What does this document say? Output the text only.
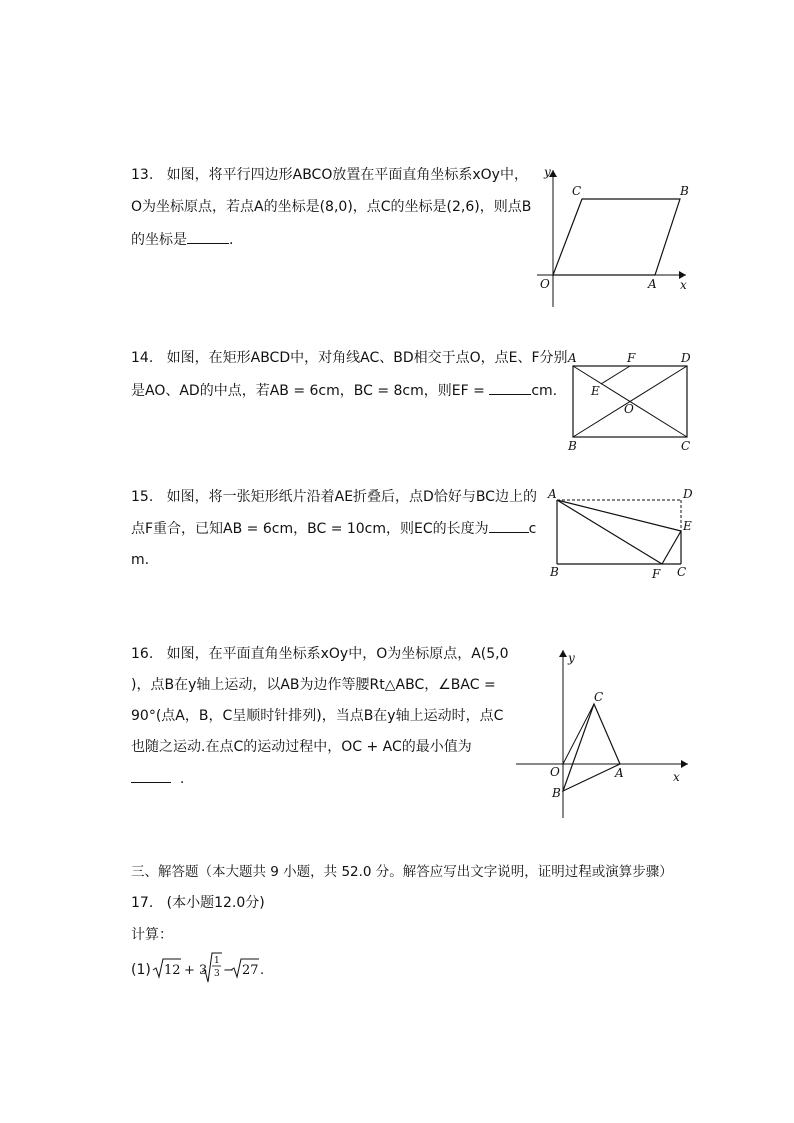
13. 如图，将平行四边形ABCO放置在平面直角坐标系xOy中，
O为坐标原点，若点A的坐标是(8,0)，点C的坐标是(2,6)，则点B
的坐标是	.
y
C	B
O	A x
14. 如图，在矩形ABCD中，对角线AC、BD相交于点O，点E、F分别
是AO、AD的中点，若AB = 6cm，BC = 8cm，则EF =	cm.
A	F	D
E
O
B	C
15. 如图，将一张矩形纸片沿着AE折叠后，点D恰好与BC边上的
点F重合，已知AB = 6cm，BC = 10cm，则EC的长度为	c
m.
A	D
E
B	F C
16. 如图，在平面直角坐标系xOy中，O为坐标原点，A(5,0
)，点B在y轴上运动，以AB为边作等腰Rt△ABC，∠BAC =
90°(点A，B，C呈顺时针排列)，当点B在y轴上运动时，点C
也随之运动.在点C的运动过程中，OC + AC的最小值为
.
y
C
O	A	x
B
三、解答题（本大题共 9 小题，共 52.0 分。解答应写出文字说明，证明过程或演算步骤）
17. (本小题12.0分)
计算：
(1) 12 + 3
1
3 − 27 .
